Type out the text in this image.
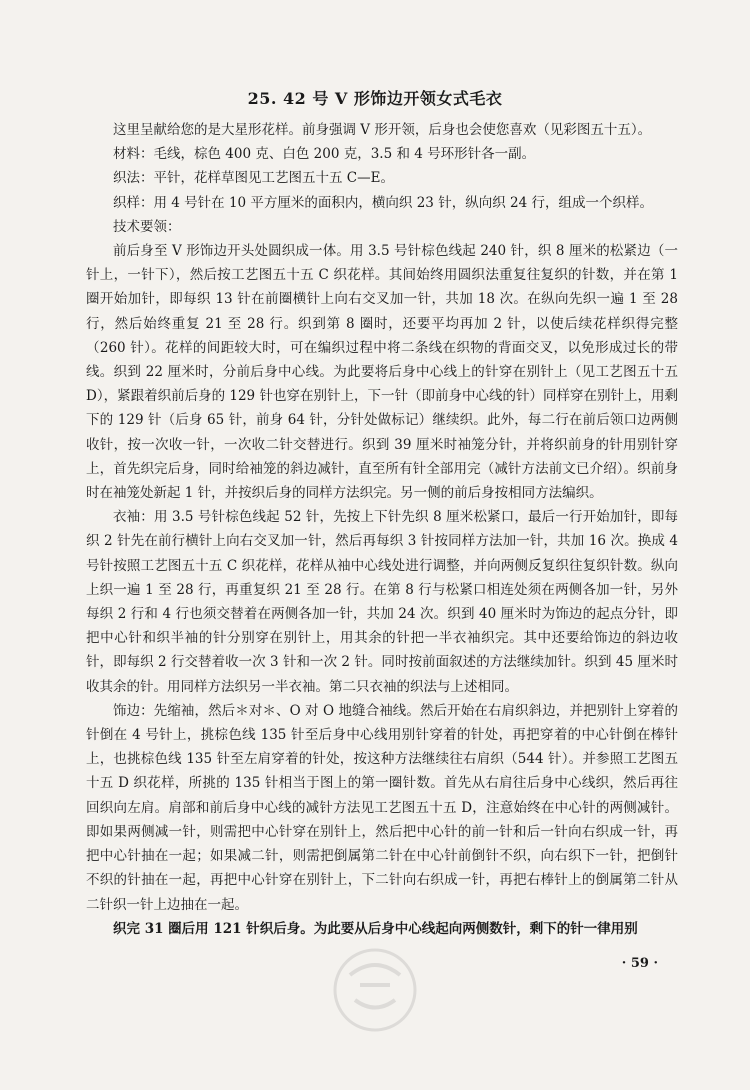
25. 42 号 V 形饰边开领女式毛衣

这里呈献给您的是大星形花样。前身强调 V 形开领，后身也会使您喜欢（见彩图五十五）。

材料：毛线，棕色 400 克、白色 200 克，3.5 和 4 号环形针各一副。

织法：平针，花样草图见工艺图五十五 C—E。

织样：用 4 号针在 10 平方厘米的面积内，横向织 23 针，纵向织 24 行，组成一个织样。

技术要领：

前后身至 V 形饰边开头处圆织成一体。用 3.5 号针棕色线起 240 针，织 8 厘米的松紧边（一针上，一针下），然后按工艺图五十五 C 织花样。其间始终用圆织法重复往复织的针数，并在第 1 圈开始加针，即每织 13 针在前圈横针上向右交叉加一针，共加 18 次。在纵向先织一遍 1 至 28 行，然后始终重复 21 至 28 行。织到第 8 圈时，还要平均再加 2 针，以使后续花样织得完整（260 针）。花样的间距较大时，可在编织过程中将二条线在织物的背面交叉，以免形成过长的带线。织到 22 厘米时，分前后身中心线。为此要将后身中心线上的针穿在别针上（见工艺图五十五 D），紧跟着织前后身的 129 针也穿在别针上，下一针（即前身中心线的针）同样穿在别针上，用剩下的 129 针（后身 65 针，前身 64 针，分针处做标记）继续织。此外，每二行在前后领口边两侧收针，按一次收一针，一次收二针交替进行。织到 39 厘米时袖笼分针，并将织前身的针用别针穿上，首先织完后身，同时给袖笼的斜边减针，直至所有针全部用完（减针方法前文已介绍）。织前身时在袖笼处新起 1 针，并按织后身的同样方法织完。另一侧的前后身按相同方法编织。

衣袖：用 3.5 号针棕色线起 52 针，先按上下针先织 8 厘米松紧口，最后一行开始加针，即每织 2 针先在前行横针上向右交叉加一针，然后再每织 3 针按同样方法加一针，共加 16 次。换成 4 号针按照工艺图五十五 C 织花样，花样从袖中心线处进行调整，并向两侧反复织往复织针数。纵向上织一遍 1 至 28 行，再重复织 21 至 28 行。在第 8 行与松紧口相连处须在两侧各加一针，另外每织 2 行和 4 行也须交替着在两侧各加一针，共加 24 次。织到 40 厘米时为饰边的起点分针，即把中心针和织半袖的针分别穿在别针上，用其余的针把一半衣袖织完。其中还要给饰边的斜边收针，即每织 2 行交替着收一次 3 针和一次 2 针。同时按前面叙述的方法继续加针。织到 45 厘米时收其余的针。用同样方法织另一半衣袖。第二只衣袖的织法与上述相同。

饰边：先缩袖，然后＊对＊、O 对 O 地缝合袖线。然后开始在右肩织斜边，并把别针上穿着的针倒在 4 号针上，挑棕色线 135 针至后身中心线用别针穿着的针处，再把穿着的中心针倒在棒针上，也挑棕色线 135 针至左肩穿着的针处，按这种方法继续往右肩织（544 针）。并参照工艺图五十五 D 织花样，所挑的 135 针相当于图上的第一圈针数。首先从右肩往后身中心线织，然后再往回织向左肩。肩部和前后身中心线的减针方法见工艺图五十五 D，注意始终在中心针的两侧减针。即如果两侧减一针，则需把中心针穿在别针上，然后把中心针的前一针和后一针向右织成一针，再把中心针抽在一起；如果减二针，则需把倒属第二针在中心针前倒针不织，向右织下一针，把倒针不织的针抽在一起，再把中心针穿在别针上，下二针向右织成一针，再把右棒针上的倒属第二针从二针织一针上边抽在一起。

织完 31 圈后用 121 针织后身。为此要从后身中心线起向两侧数针，剩下的针一律用别

· 59 ·
